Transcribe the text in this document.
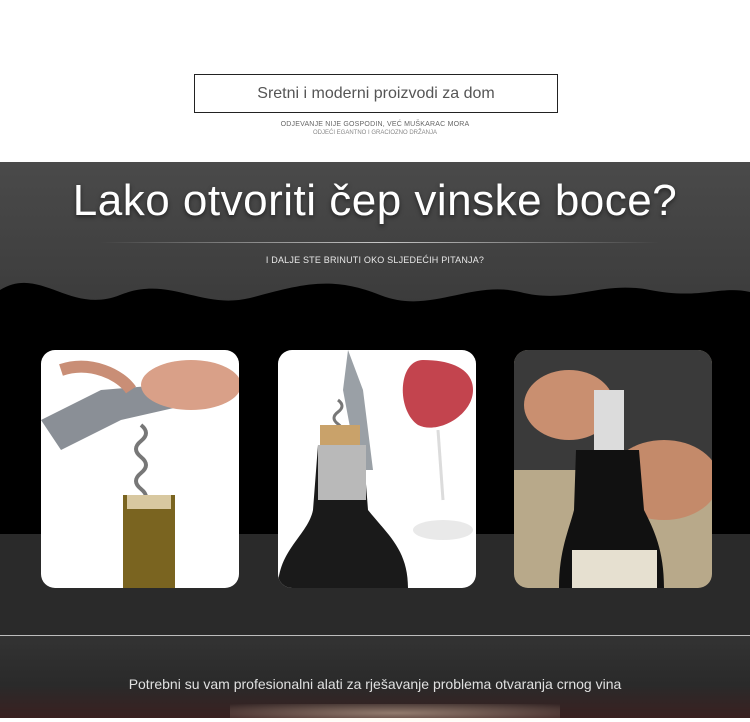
Sretni i moderni proizvodi za dom
ODJEVANJE NIJE GOSPODIN, VEĆ MUŠKARAC MORA
ODJEĆI EGANTNO I GRACIOZNO DRŽANJA
Lako otvoriti čep vinske boce?
I DALJE STE BRINUTI OKO SLJEDEĆIH PITANJA?
Potrebni su vam profesionalni alati za rješavanje problema otvaranja crnog vina
